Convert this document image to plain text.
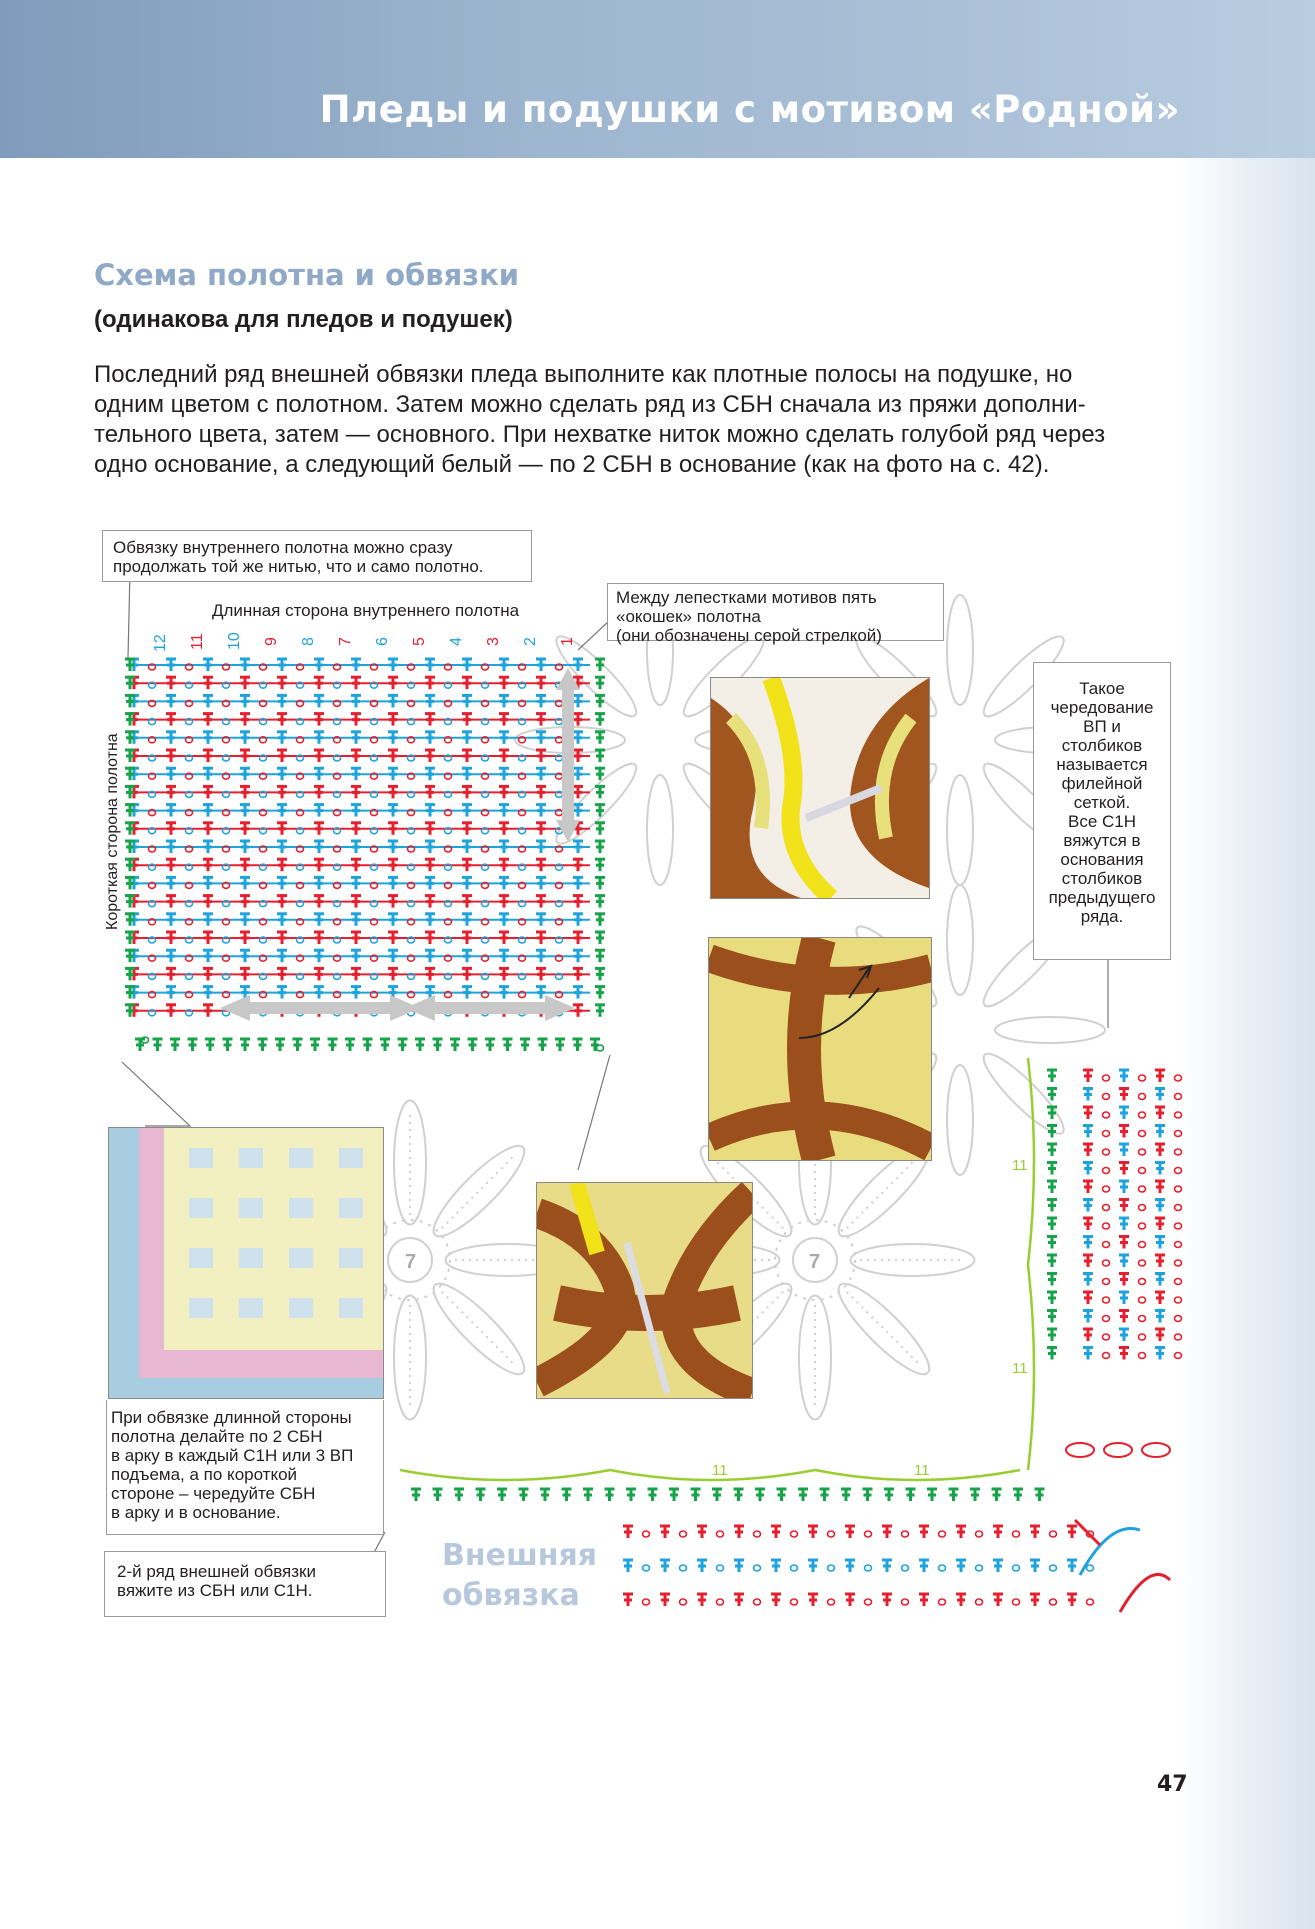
Пледы и подушки с мотивом «Родной»
Схема полотна и обвязки
(одинакова для пледов и подушек)
Последний ряд внешней обвязки пледа выполните как плотные полосы на подушке, но
одним цветом с полотном. Затем можно сделать ряд из СБН сначала из пряжи дополни-
тельного цвета, затем — основного. При нехватке ниток можно сделать голубой ряд через
одно основание, а следующий белый — по 2 СБН в основание (как на фото на с. 42).
Обвязку внутреннего полотна можно сразу
продолжать той же нитью, что и само полотно.
Между лепестками мотивов пять
«окошек» полотна
(они обозначены серой стрелкой)
Такое
чередование
ВП и
столбиков
называется
филейной
сеткой.
Все С1Н
вяжутся в
основания
столбиков
предыдущего
ряда.
При обвязке длинной стороны
полотна делайте по 2 СБН
в арку в каждый С1Н или 3 ВП
подъема, а по короткой
стороне – чередуйте СБН
в арку и в основание.
2-й ряд внешней обвязки
вяжите из СБН или С1Н.
Длинная сторона внутреннего полотна
Короткая сторона полотна
12 11 10 9 8 7 6 5 4 3 2 1
11
11
11	11
7	7
Внешняя
обвязка
47
